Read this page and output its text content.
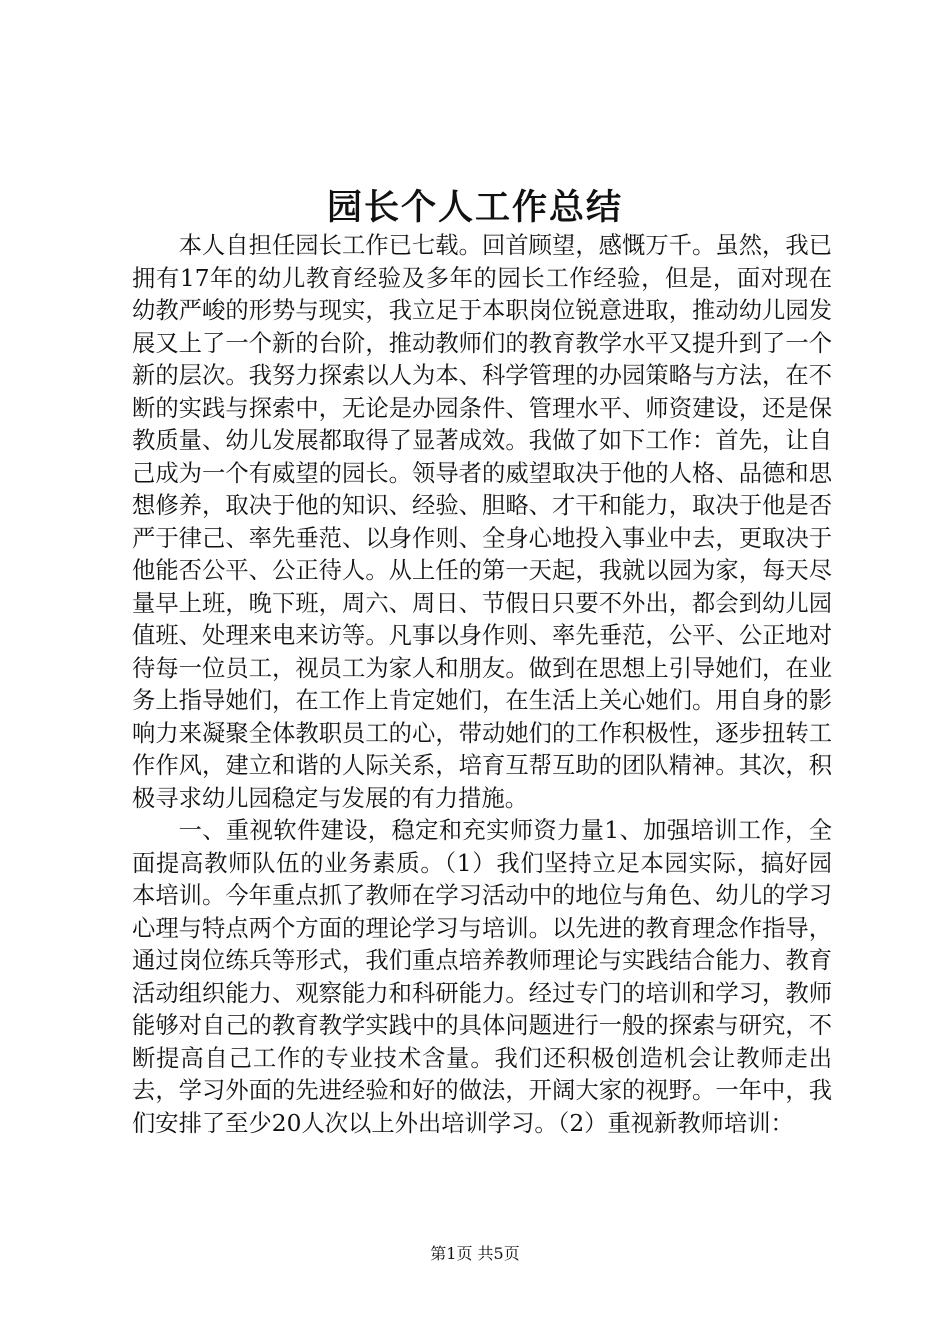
园长个人工作总结

本人自担任园长工作已七载。回首顾望，感慨万千。虽然，我已拥有17年的幼儿教育经验及多年的园长工作经验，但是，面对现在幼教严峻的形势与现实，我立足于本职岗位锐意进取，推动幼儿园发展又上了一个新的台阶，推动教师们的教育教学水平又提升到了一个新的层次。我努力探索以人为本、科学管理的办园策略与方法，在不断的实践与探索中，无论是办园条件、管理水平、师资建设，还是保教质量、幼儿发展都取得了显著成效。我做了如下工作：首先，让自己成为一个有威望的园长。领导者的威望取决于他的人格、品德和思想修养，取决于他的知识、经验、胆略、才干和能力，取决于他是否严于律己、率先垂范、以身作则、全身心地投入事业中去，更取决于他能否公平、公正待人。从上任的第一天起，我就以园为家，每天尽量早上班，晚下班，周六、周日、节假日只要不外出，都会到幼儿园值班、处理来电来访等。凡事以身作则、率先垂范，公平、公正地对待每一位员工，视员工为家人和朋友。做到在思想上引导她们，在业务上指导她们，在工作上肯定她们，在生活上关心她们。用自身的影响力来凝聚全体教职员工的心，带动她们的工作积极性，逐步扭转工作作风，建立和谐的人际关系，培育互帮互助的团队精神。其次，积极寻求幼儿园稳定与发展的有力措施。

一、重视软件建设，稳定和充实师资力量1、加强培训工作，全面提高教师队伍的业务素质。（1）我们坚持立足本园实际，搞好园本培训。今年重点抓了教师在学习活动中的地位与角色、幼儿的学习心理与特点两个方面的理论学习与培训。以先进的教育理念作指导，通过岗位练兵等形式，我们重点培养教师理论与实践结合能力、教育活动组织能力、观察能力和科研能力。经过专门的培训和学习，教师能够对自己的教育教学实践中的具体问题进行一般的探索与研究，不断提高自己工作的专业技术含量。我们还积极创造机会让教师走出去，学习外面的先进经验和好的做法，开阔大家的视野。一年中，我们安排了至少20人次以上外出培训学习。（2）重视新教师培训：

第1页 共5页
